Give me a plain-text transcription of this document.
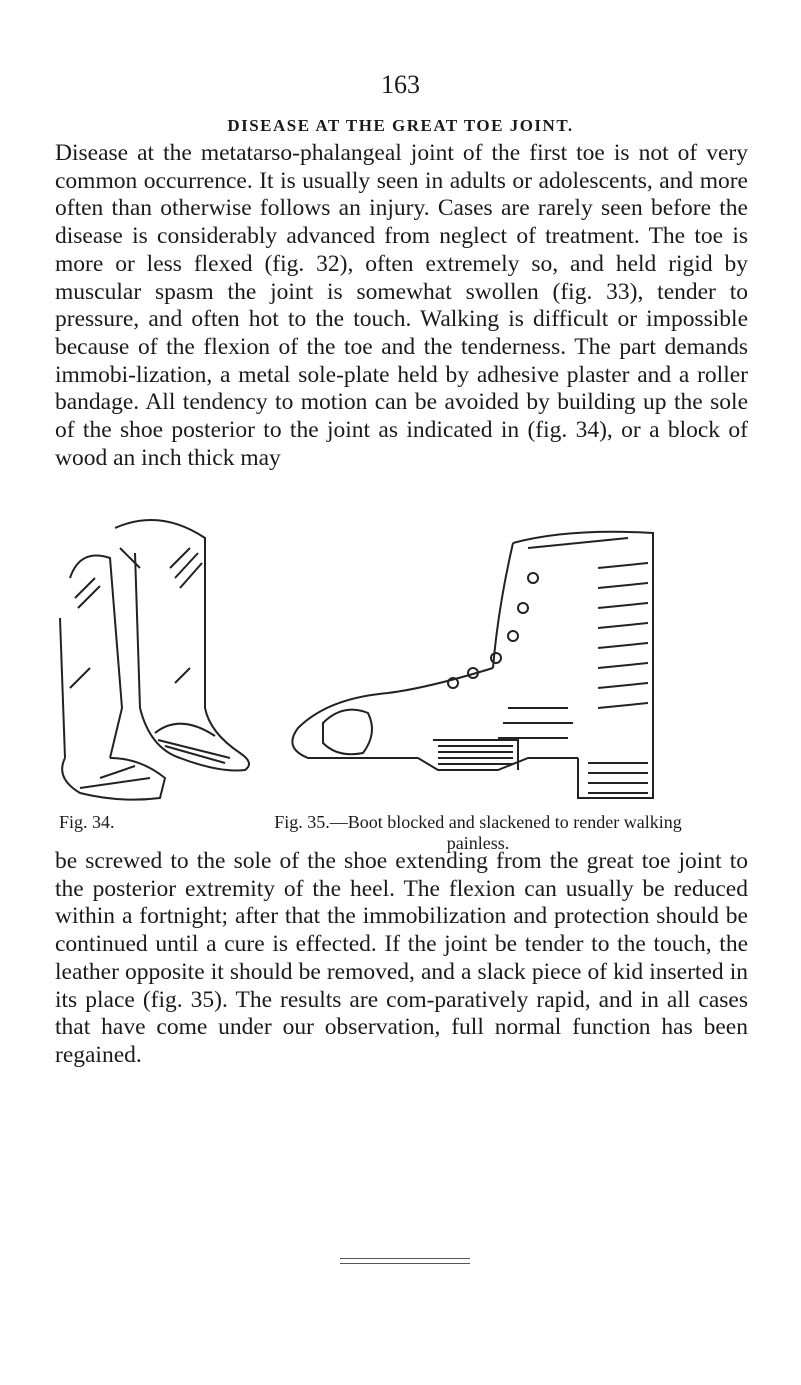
163
DISEASE AT THE GREAT TOE JOINT.

Disease at the metatarso-phalangeal joint of the first toe is not of very common occurrence. It is usually seen in adults or adolescents, and more often than otherwise follows an injury. Cases are rarely seen before the disease is considerably advanced from neglect of treatment. The toe is more or less flexed (fig. 32), often extremely so, and held rigid by muscular spasm the joint is somewhat swollen (fig. 33), tender to pressure, and often hot to the touch. Walking is difficult or impossible because of the flexion of the toe and the tenderness. The part demands immobi-lization, a metal sole-plate held by adhesive plaster and a roller bandage. All tendency to motion can be avoided by building up the sole of the shoe posterior to the joint as indicated in (fig. 34), or a block of wood an inch thick may

Fig. 34.	Fig. 35.—Boot blocked and slackened to render walking painless.

be screwed to the sole of the shoe extending from the great toe joint to the posterior extremity of the heel. The flexion can usually be reduced within a fortnight; after that the immobilization and protection should be continued until a cure is effected. If the joint be tender to the touch, the leather opposite it should be removed, and a slack piece of kid inserted in its place (fig. 35). The results are com-paratively rapid, and in all cases that have come under our observation, full normal function has been regained.
